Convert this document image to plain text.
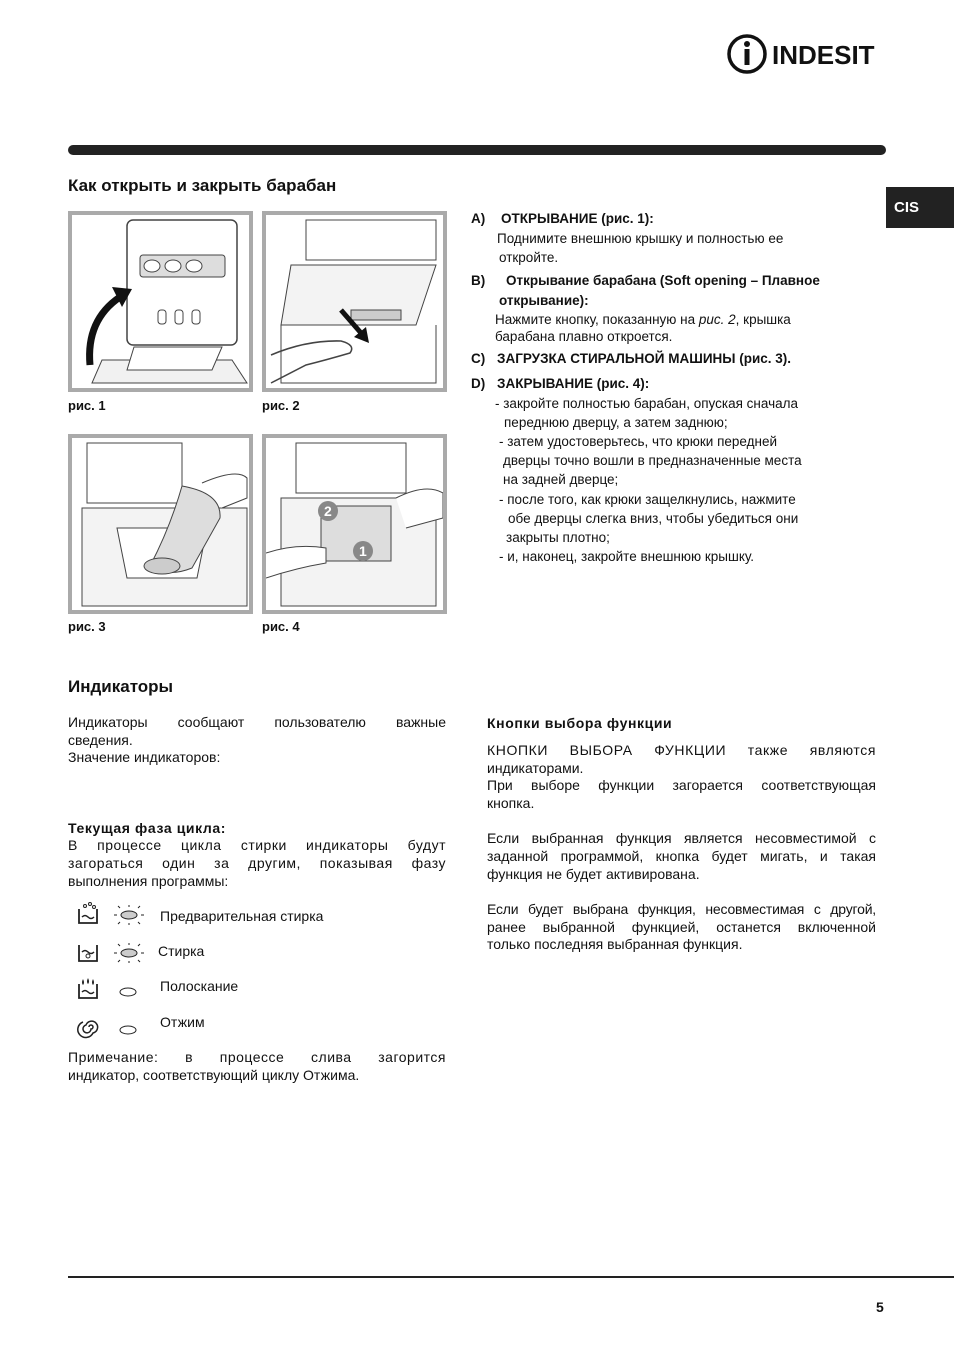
INDESIT
CIS
Как открыть и закрыть барабан
рис. 1	рис. 2
рис. 3
2
1
рис. 4
A) ОТКРЫВАНИЕ (рис. 1):
Поднимите внешнюю крышку и полностью ее
откройте.
B) Открывание барабана (Soft opening – Плавное
открывание):
Нажмите кнопку, показанную на рис. 2, крышка
барабана плавно откроется.
C) ЗАГРУЗКА СТИРАЛЬНОЙ МАШИНЫ (рис. 3).
D) ЗАКРЫВАНИЕ (рис. 4):
- закройте полностью барабан, опуская сначала
переднюю дверцу, а затем заднюю;
- затем удостоверьтесь, что крюки передней
дверцы точно вошли в предназначенные места
на задней дверце;
- после того, как крюки защелкнулись, нажмите
обе дверцы слегка вниз, чтобы убедиться они
закрыты плотно;
- и, наконец, закройте внешнюю крышку.
Индикаторы
Индикаторы сообщают пользователю важные
сведения.
Значение индикаторов:
Текущая фаза цикла:
В процессе цикла стирки индикаторы будут
загораться один за другим, показывая фазу
выполнения программы:
Предварительная стирка
Стирка
Полоскание
Отжим
Примечание: в процессе слива загорится
индикатор, соответствующий циклу Отжима.
Кнопки выбора функции
КНОПКИ ВЫБОРА ФУНКЦИИ также являются
индикаторами.
При выборе функции загорается соответствующая
кнопка.
Если выбранная функция является несовместимой с
заданной программой, кнопка будет мигать, и такая
функция не будет активирована.
Если будет выбрана функция, несовместимая с другой,
ранее выбранной функцией, останется включенной
только последняя выбранная функция.
5
